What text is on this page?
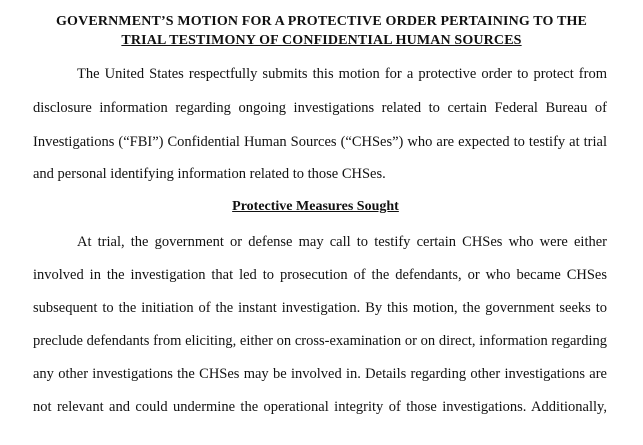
GOVERNMENT’S MOTION FOR A PROTECTIVE ORDER PERTAINING TO THE
TRIAL TESTIMONY OF CONFIDENTIAL HUMAN SOURCES
The United States respectfully submits this motion for a protective order to protect from
disclosure information regarding ongoing investigations related to certain Federal Bureau of
Investigations (“FBI”) Confidential Human Sources (“CHSes”) who are expected to testify at trial
and personal identifying information related to those CHSes.
Protective Measures Sought
At trial, the government or defense may call to testify certain CHSes who were either
involved in the investigation that led to prosecution of the defendants, or who became CHSes
subsequent to the initiation of the instant investigation. By this motion, the government seeks to
preclude defendants from eliciting, either on cross-examination or on direct, information regarding
any other investigations the CHSes may be involved in. Details regarding other investigations are
not relevant and could undermine the operational integrity of those investigations. Additionally,
